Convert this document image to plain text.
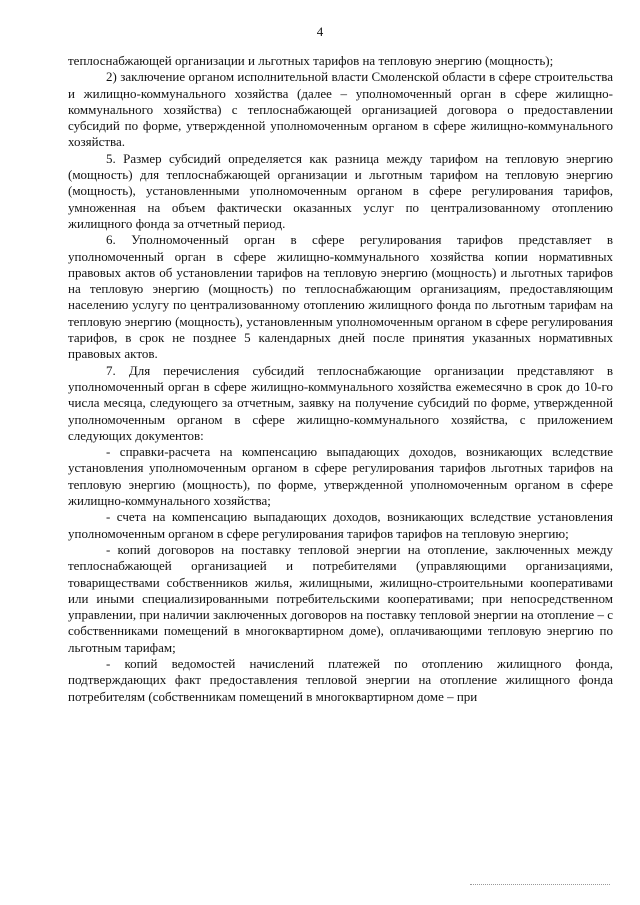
4

теплоснабжающей организации и льготных тарифов на тепловую энергию (мощность);

2) заключение органом исполнительной власти Смоленской области в сфере строительства и жилищно-коммунального хозяйства (далее – уполномоченный орган в сфере жилищно-коммунального хозяйства) с теплоснабжающей организацией договора о предоставлении субсидий по форме, утвержденной уполномоченным органом в сфере жилищно-коммунального хозяйства.

5. Размер субсидий определяется как разница между тарифом на тепловую энергию (мощность) для теплоснабжающей организации и льготным тарифом на тепловую энергию (мощность), установленными уполномоченным органом в сфере регулирования тарифов, умноженная на объем фактически оказанных услуг по централизованному отоплению жилищного фонда за отчетный период.

6. Уполномоченный орган в сфере регулирования тарифов представляет в уполномоченный орган в сфере жилищно-коммунального хозяйства копии нормативных правовых актов об установлении тарифов на тепловую энергию (мощность) и льготных тарифов на тепловую энергию (мощность) по теплоснабжающим организациям, предоставляющим населению услугу по централизованному отоплению жилищного фонда по льготным тарифам на тепловую энергию (мощность), установленным уполномоченным органом в сфере регулирования тарифов, в срок не позднее 5 календарных дней после принятия указанных нормативных правовых актов.

7. Для перечисления субсидий теплоснабжающие организации представляют в уполномоченный орган в сфере жилищно-коммунального хозяйства ежемесячно в срок до 10-го числа месяца, следующего за отчетным, заявку на получение субсидий по форме, утвержденной уполномоченным органом в сфере жилищно-коммунального хозяйства, с приложением следующих документов:

- справки-расчета на компенсацию выпадающих доходов, возникающих вследствие установления уполномоченным органом в сфере регулирования тарифов льготных тарифов на тепловую энергию (мощность), по форме, утвержденной уполномоченным органом в сфере жилищно-коммунального хозяйства;

- счета на компенсацию выпадающих доходов, возникающих вследствие установления уполномоченным органом в сфере регулирования тарифов тарифов на тепловую энергию;

- копий договоров на поставку тепловой энергии на отопление, заключенных между теплоснабжающей организацией и потребителями (управляющими организациями, товариществами собственников жилья, жилищными, жилищно-строительными кооперативами или иными специализированными потребительскими кооперативами; при непосредственном управлении, при наличии заключенных договоров на поставку тепловой энергии на отопление – с собственниками помещений в многоквартирном доме), оплачивающими тепловую энергию по льготным тарифам;

- копий ведомостей начислений платежей по отоплению жилищного фонда, подтверждающих факт предоставления тепловой энергии на отопление жилищного фонда потребителям (собственникам помещений в многоквартирном доме – при
